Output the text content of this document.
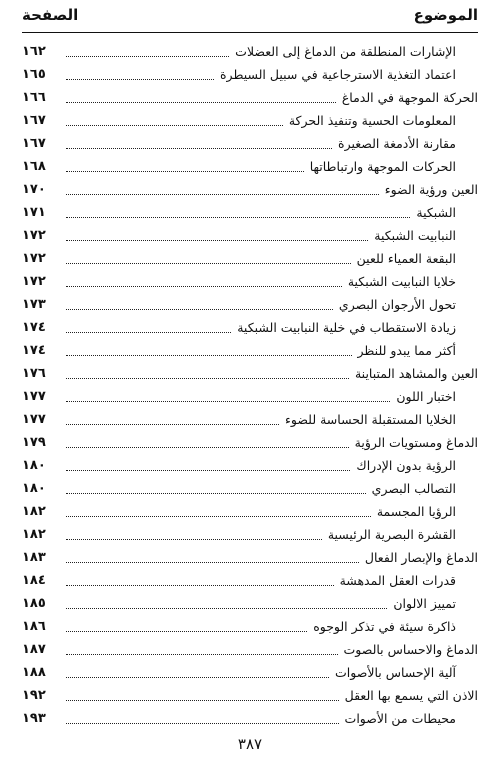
الموضوع
الصفحة
الإشارات المنطلقة من الدماغ إلى العضلات
١٦٢
اعتماد التغذية الاسترجاعية في سبيل السيطرة
١٦٥
الحركة الموجهة في الدماغ
١٦٦
المعلومات الحسية وتنفيذ الحركة
١٦٧
مقارنة الأدمغة الصغيرة
١٦٧
الحركات الموجهة وارتباطاتها
١٦٨
العين ورؤية الضوء
١٧٠
الشبكية
١٧١
النبابيت الشبكية
١٧٢
البقعة العمياء للعين
١٧٢
خلايا النبابيت الشبكية
١٧٢
تحول الأرجوان البصري
١٧٣
زيادة الاستقطاب في خلية النبابيت الشبكية
١٧٤
أكثر مما يبدو للنظر
١٧٤
العين والمشاهد المتباينة
١٧٦
اختبار اللون
١٧٧
الخلايا المستقبلة الحساسة للضوء
١٧٧
الدماغ ومستويات الرؤية
١٧٩
الرؤية بدون الإدراك
١٨٠
التصالب البصري
١٨٠
الرؤيا المجسمة
١٨٢
القشرة البصرية الرئيسية
١٨٢
الدماغ والإبصار الفعال
١٨٣
قدرات العقل المدهشة
١٨٤
تمييز الالوان
١٨٥
ذاكرة سيئة في تذكر الوجوه
١٨٦
الدماغ والاحساس بالصوت
١٨٧
آلية الإحساس بالأصوات
١٨٨
الاذن التي يسمع بها العقل
١٩٢
محيطات من الأصوات
١٩٣
٣٨٧
